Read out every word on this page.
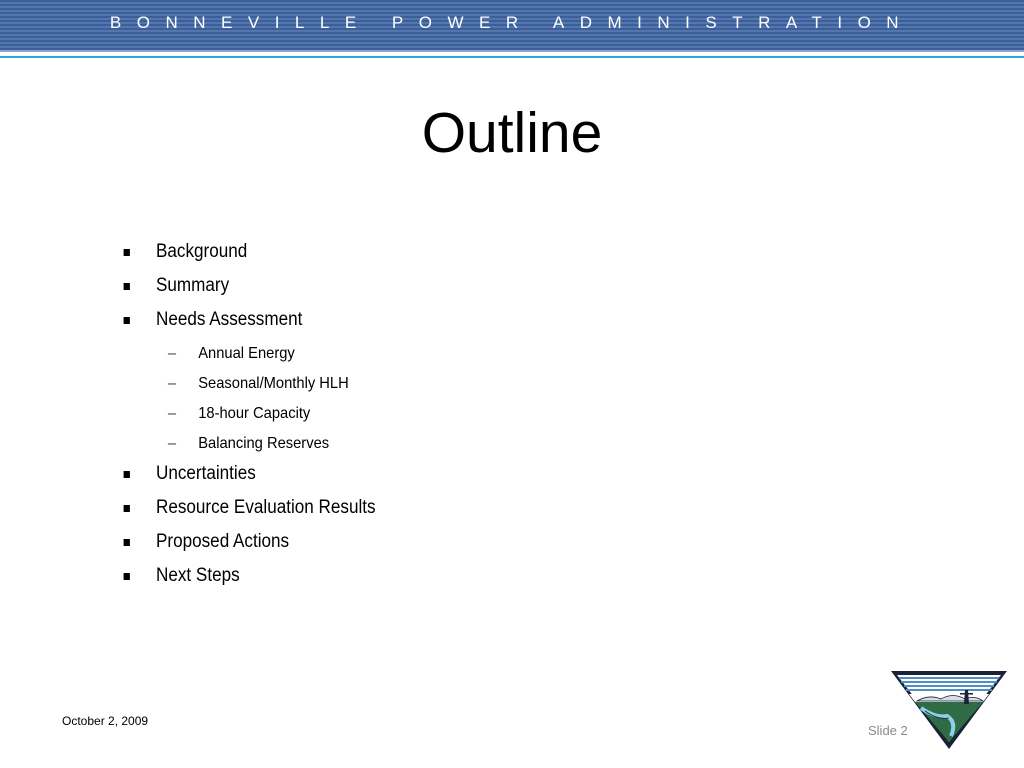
BONNEVILLE POWER ADMINISTRATION
Outline
Background
Summary
Needs Assessment
– Annual Energy
– Seasonal/Monthly HLH
– 18-hour Capacity
– Balancing Reserves
Uncertainties
Resource Evaluation Results
Proposed Actions
Next Steps
October 2, 2009
Slide 2
